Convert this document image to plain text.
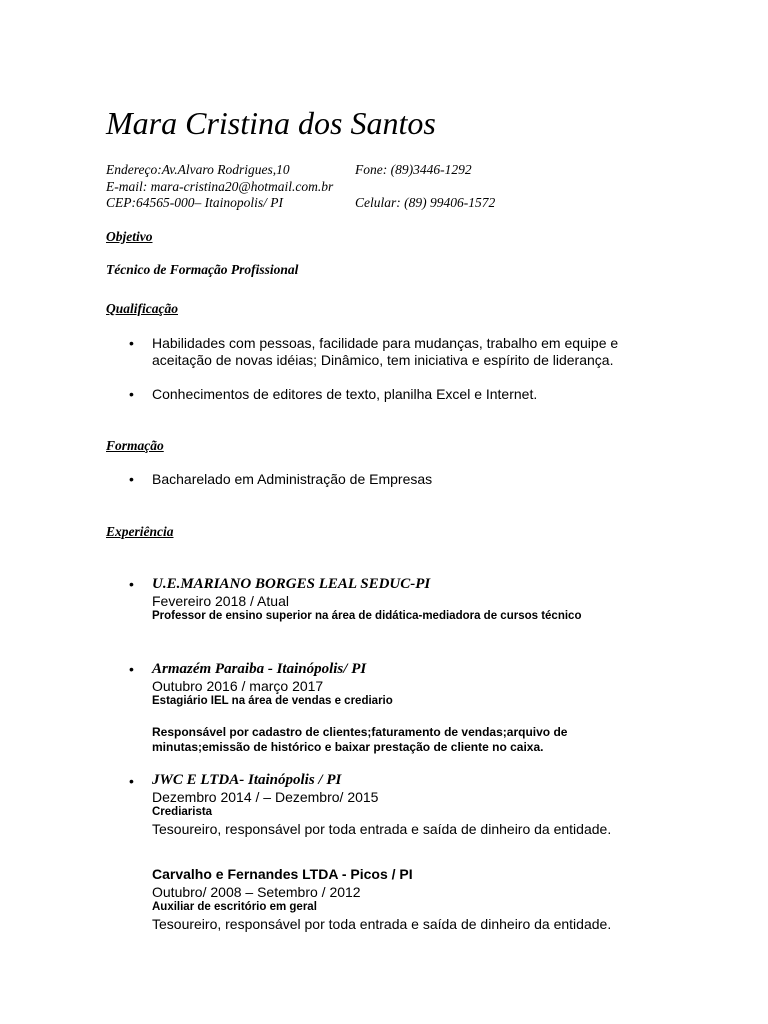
Mara Cristina dos Santos
Endereço:Av.Alvaro Rodrigues,10	Fone: (89)3446-1292
E-mail: mara-cristina20@hotmail.com.br
CEP:64565-000– Itainopolis/ PI	Celular: (89) 99406-1572
Objetivo
Técnico de Formação Profissional
Qualificação
• Habilidades com pessoas, facilidade para mudanças, trabalho em equipe e
aceitação de novas idéias; Dinâmico, tem iniciativa e espírito de liderança.
• Conhecimentos de editores de texto, planilha Excel e Internet.
Formação
• Bacharelado em Administração de Empresas
Experiência
• U.E.MARIANO BORGES LEAL SEDUC-PI
Fevereiro 2018 / Atual
Professor de ensino superior na área de didática-mediadora de cursos técnico
• Armazém Paraiba - Itainópolis/ PI
Outubro 2016 / março 2017
Estagiário IEL na área de vendas e crediario
Responsável por cadastro de clientes;faturamento de vendas;arquivo de
minutas;emissão de histórico e baixar prestação de cliente no caixa.
• JWC E LTDA- Itainópolis / PI
Dezembro 2014 / – Dezembro/ 2015
Crediarista
Tesoureiro, responsável por toda entrada e saída de dinheiro da entidade.
Carvalho e Fernandes LTDA - Picos / PI
Outubro/ 2008 – Setembro / 2012
Auxiliar de escritório em geral
Tesoureiro, responsável por toda entrada e saída de dinheiro da entidade.
